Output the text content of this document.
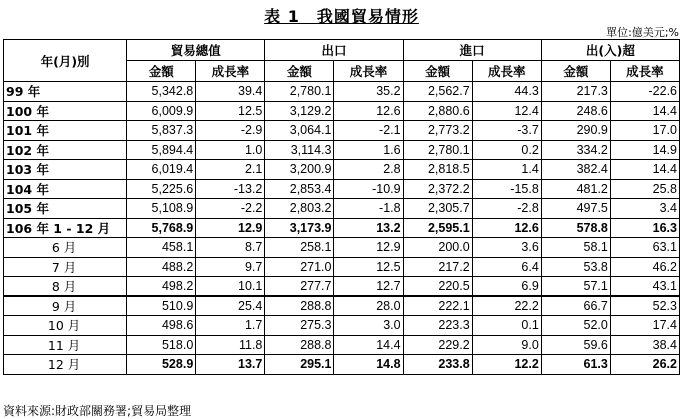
表 1　我國貿易情形
單位:億美元;%
年(月)別	貿易總值		出口		進口		出(入)超	
	金額	成長率	金額	成長率	金額	成長率	金額	成長率
99 年	5,342.8	39.4	2,780.1	35.2	2,562.7	44.3	217.3	-22.6
100 年	6,009.9	12.5	3,129.2	12.6	2,880.6	12.4	248.6	14.4
101 年	5,837.3	-2.9	3,064.1	-2.1	2,773.2	-3.7	290.9	17.0
102 年	5,894.4	1.0	3,114.3	1.6	2,780.1	0.2	334.2	14.9
103 年	6,019.4	2.1	3,200.9	2.8	2,818.5	1.4	382.4	14.4
104 年	5,225.6	-13.2	2,853.4	-10.9	2,372.2	-15.8	481.2	25.8
105 年	5,108.9	-2.2	2,803.2	-1.8	2,305.7	-2.8	497.5	3.4
106 年 1 - 12 月	5,768.9	12.9	3,173.9	13.2	2,595.1	12.6	578.8	16.3
6 月	458.1	8.7	258.1	12.9	200.0	3.6	58.1	63.1
7 月	488.2	9.7	271.0	12.5	217.2	6.4	53.8	46.2
8 月	498.2	10.1	277.7	12.7	220.5	6.9	57.1	43.1
9 月	510.9	25.4	288.8	28.0	222.1	22.2	66.7	52.3
10 月	498.6	1.7	275.3	3.0	223.3	0.1	52.0	17.4
11 月	518.0	11.8	288.8	14.4	229.2	9.0	59.6	38.4
12 月	528.9	13.7	295.1	14.8	233.8	12.2	61.3	26.2
資料來源:財政部關務署;貿易局整理
